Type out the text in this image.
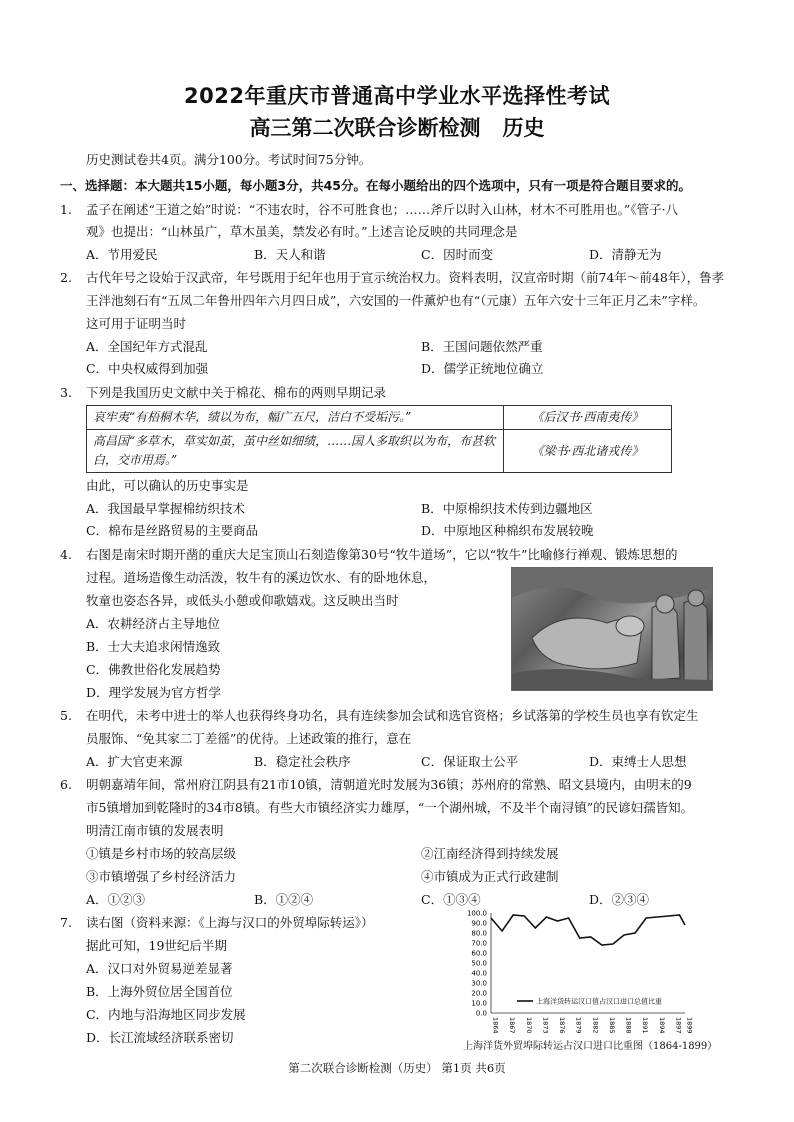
2022年重庆市普通高中学业水平选择性考试
高三第二次联合诊断检测   历史
历史测试卷共4页。满分100分。考试时间75分钟。
一、选择题：本大题共15小题，每小题3分，共45分。在每小题给出的四个选项中，只有一项是符合题目要求的。
1. 孟子在阐述“王道之始”时说：“不违农时，谷不可胜食也；……斧斤以时入山林，材木不可胜用也。”《管子·八
观》也提出：“山林虽广，草木虽美，禁发必有时。”上述言论反映的共同理念是
A．节用爱民	B．天人和谐	C．因时而变	D．清静无为
2. 古代年号之设始于汉武帝，年号既用于纪年也用于宣示统治权力。资料表明，汉宣帝时期（前74年～前48年），鲁孝
王泮池刻石有“五凤二年鲁卅四年六月四日成”，六安国的一件薰炉也有“（元康）五年六安十三年正月乙未”字样。
这可用于证明当时
A．全国纪年方式混乱	B．王国问题依然严重
C．中央权威得到加强	D．儒学正统地位确立
3. 下列是我国历史文献中关于棉花、棉布的两则早期记录
哀牢夷“有梧桐木华，绩以为布，幅广五尺，洁白不受垢污。”	《后汉书·西南夷传》
高昌国“多草木，草实如茧，茧中丝如细绩，……国人多取织以为布，布甚软白，交市用焉。”	《梁书·西北诸戎传》
由此，可以确认的历史事实是
A．我国最早掌握棉纺织技术	B．中原棉织技术传到边疆地区
C．棉布是丝路贸易的主要商品	D．中原地区种棉织布发展较晚
4. 右图是南宋时期开凿的重庆大足宝顶山石刻造像第30号“牧牛道场”，它以“牧牛”比喻修行禅观、锻炼思想的
过程。道场造像生动活泼，牧牛有的溪边饮水、有的卧地休息，
牧童也姿态各异，或低头小憩或仰歌嬉戏。这反映出当时
A．农耕经济占主导地位
B．士大夫追求闲情逸致
C．佛教世俗化发展趋势
D．理学发展为官方哲学
5. 在明代，未考中进士的举人也获得终身功名，具有连续参加会试和选官资格；乡试落第的学校生员也享有钦定生
员服饰、“免其家二丁差徭”的优待。上述政策的推行，意在
A．扩大官吏来源	B．稳定社会秩序	C．保证取士公平	D．束缚士人思想
6. 明朝嘉靖年间，常州府江阴县有21市10镇，清朝道光时发展为36镇；苏州府的常熟、昭文县境内，由明末的9
市5镇增加到乾隆时的34市8镇。有些大市镇经济实力雄厚，“一个湖州城，不及半个南浔镇”的民谚妇孺皆知。
明清江南市镇的发展表明
①镇是乡村市场的较高层级	②江南经济得到持续发展
③市镇增强了乡村经济活力	④市镇成为正式行政建制
A．①②③	B．①②④	C．①③④	D．②③④
7. 读右图（资料来源：《上海与汉口的外贸埠际转运》）
据此可知，19世纪后半期
A．汉口对外贸易逆差显著
B．上海外贸位居全国首位
C．内地与沿海地区同步发展
D．长江流域经济联系密切
100.0
90.0
80.0
70.0
60.0
50.0
40.0
30.0
20.0
10.0
0.0
1864 1867 1870 1873 1876 1879 1882 1885 1888 1891 1894 1897 1899
上海洋货转运汉口值占汉口进口总值比重
上海洋货外贸埠际转运占汉口进口比重图（1864-1899）
第二次联合诊断检测（历史） 第1页 共6页
